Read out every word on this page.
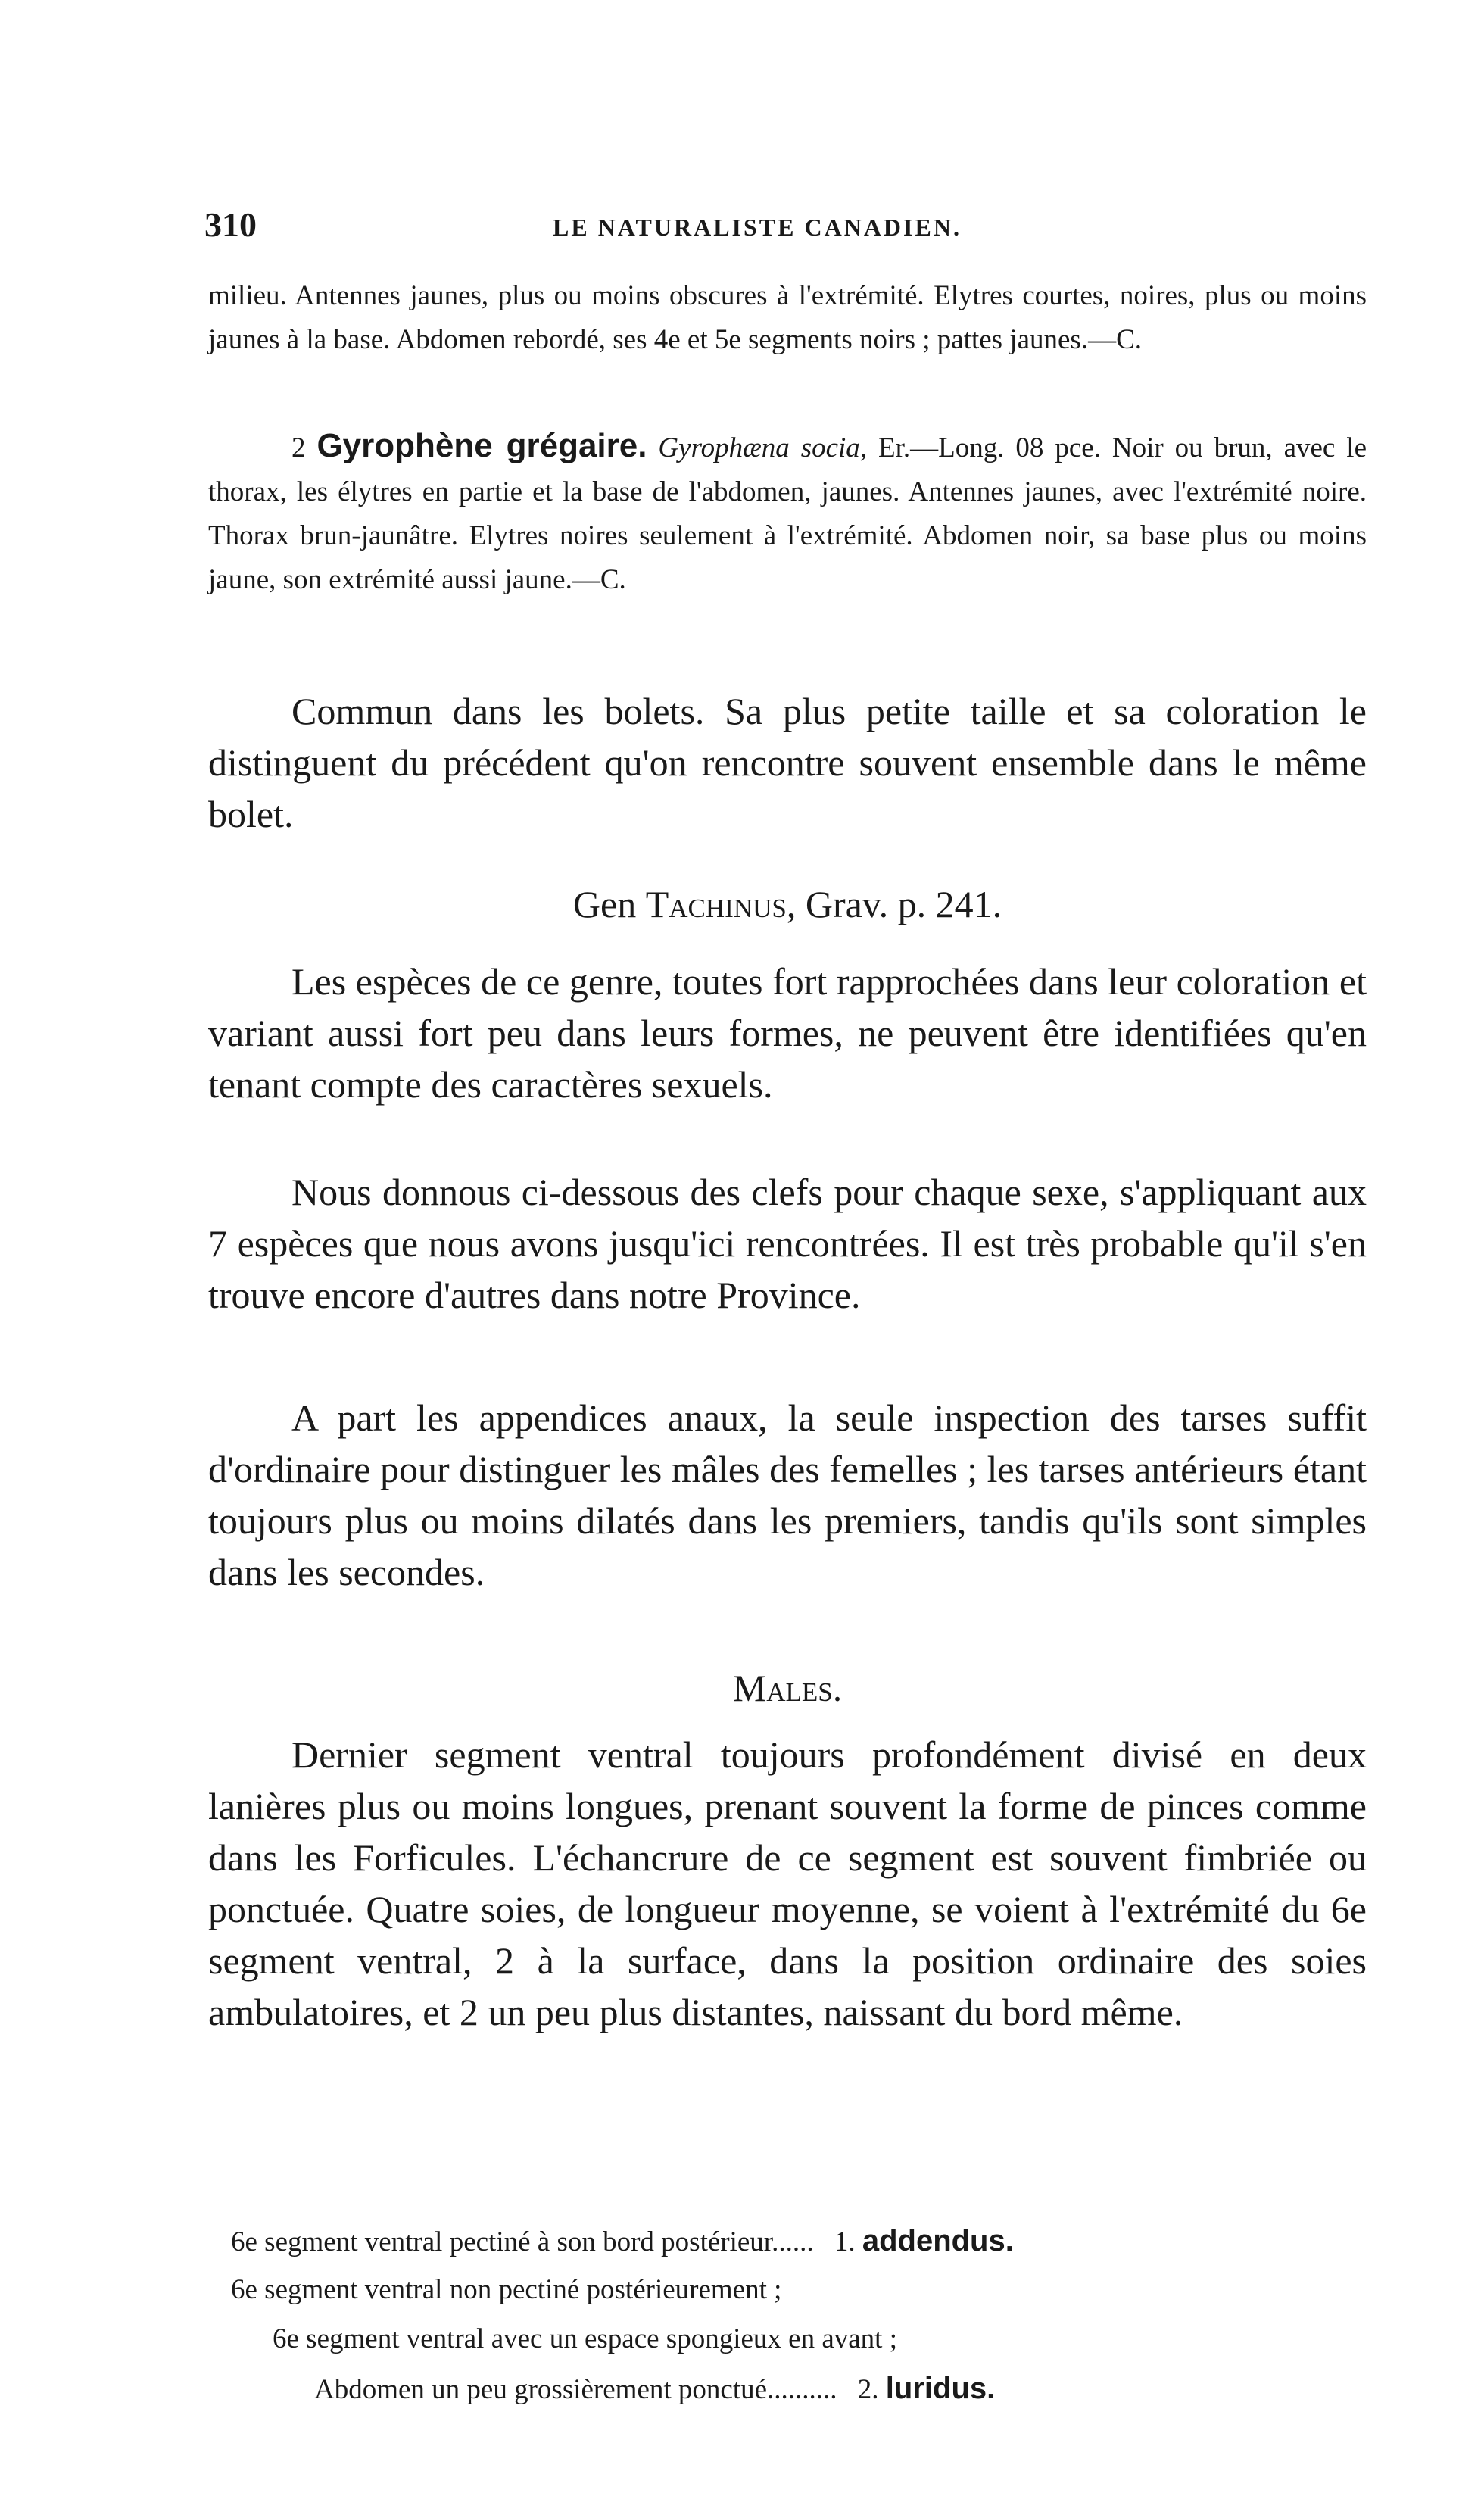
310	LE NATURALISTE CANADIEN.

milieu. Antennes jaunes, plus ou moins obscures à l'extrémité. Elytres courtes, noires, plus ou moins jaunes à la base. Abdomen rebordé, ses 4e et 5e segments noirs ; pattes jaunes.—C.

2 Gyrophène grégaire. Gyrophæna socia, Er.—Long. 08 pce. Noir ou brun, avec le thorax, les élytres en partie et la base de l'abdomen, jaunes. Antennes jaunes, avec l'extrémité noire. Thorax brun-jaunâtre. Elytres noires seulement à l'extrémité. Abdomen noir, sa base plus ou moins jaune, son extrémité aussi jaune.—C.

Commun dans les bolets. Sa plus petite taille et sa coloration le distinguent du précédent qu'on rencontre souvent ensemble dans le même bolet.

Gen Tachinus, Grav. p. 241.

Les espèces de ce genre, toutes fort rapprochées dans leur coloration et variant aussi fort peu dans leurs formes, ne peuvent être identifiées qu'en tenant compte des caractères sexuels.

Nous donnous ci-dessous des clefs pour chaque sexe, s'appliquant aux 7 espèces que nous avons jusqu'ici rencontrées. Il est très probable qu'il s'en trouve encore d'autres dans notre Province.

A part les appendices anaux, la seule inspection des tarses suffit d'ordinaire pour distinguer les mâles des femelles ; les tarses antérieurs étant toujours plus ou moins dilatés dans les premiers, tandis qu'ils sont simples dans les secondes.

Males.

Dernier segment ventral toujours profondément divisé en deux lanières plus ou moins longues, prenant souvent la forme de pinces comme dans les Forficules. L'échancrure de ce segment est souvent fimbriée ou ponctuée. Quatre soies, de longueur moyenne, se voient à l'extrémité du 6e segment ventral, 2 à la surface, dans la position ordinaire des soies ambulatoires, et 2 un peu plus distantes, naissant du bord même.

6e segment ventral pectiné à son bord postérieur...... 1. addendus.
6e segment ventral non pectiné postérieurement ;
6e segment ventral avec un espace spongieux en avant ;
Abdomen un peu grossièrement ponctué.......... 2. luridus.
